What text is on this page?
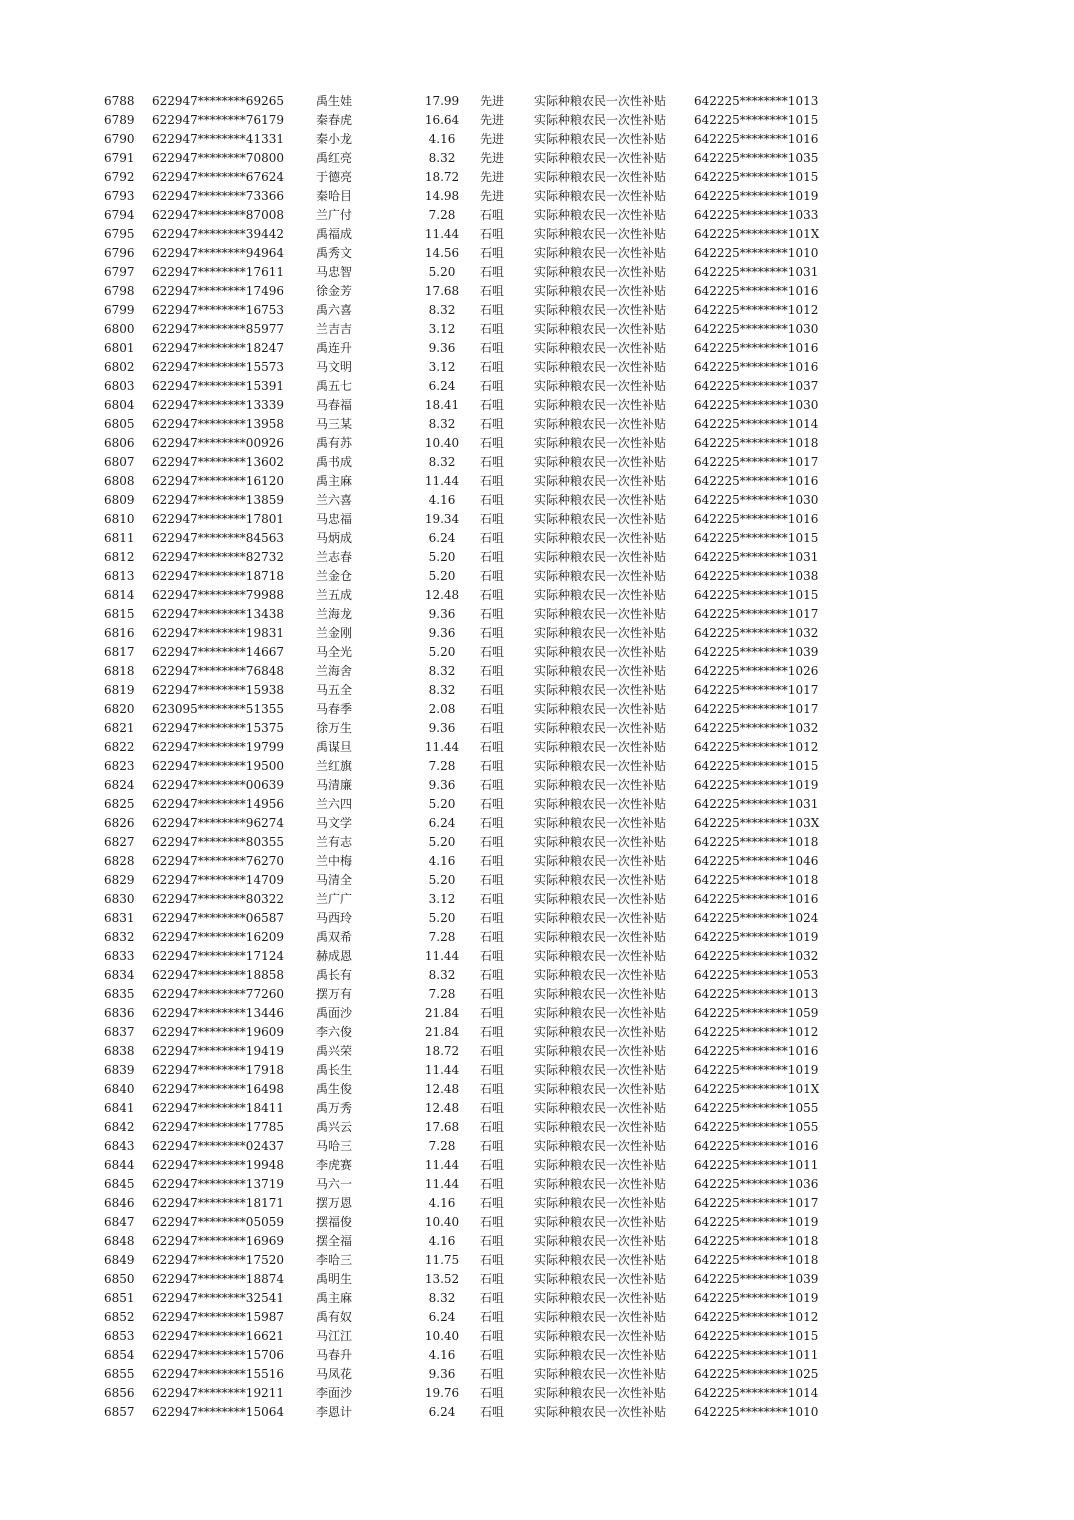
6788	622947********69265	禹生娃	17.99	先进	实际种粮农民一次性补贴	642225********1013
6789	622947********76179	秦春虎	16.64	先进	实际种粮农民一次性补贴	642225********1015
6790	622947********41331	秦小龙	4.16	先进	实际种粮农民一次性补贴	642225********1016
6791	622947********70800	禹红亮	8.32	先进	实际种粮农民一次性补贴	642225********1035
6792	622947********67624	于德亮	18.72	先进	实际种粮农民一次性补贴	642225********1015
6793	622947********73366	秦哈目	14.98	先进	实际种粮农民一次性补贴	642225********1019
6794	622947********87008	兰广付	7.28	石咀	实际种粮农民一次性补贴	642225********1033
6795	622947********39442	禹福成	11.44	石咀	实际种粮农民一次性补贴	642225********101X
6796	622947********94964	禹秀文	14.56	石咀	实际种粮农民一次性补贴	642225********1010
6797	622947********17611	马忠智	5.20	石咀	实际种粮农民一次性补贴	642225********1031
6798	622947********17496	徐金芳	17.68	石咀	实际种粮农民一次性补贴	642225********1016
6799	622947********16753	禹六喜	8.32	石咀	实际种粮农民一次性补贴	642225********1012
6800	622947********85977	兰吉吉	3.12	石咀	实际种粮农民一次性补贴	642225********1030
6801	622947********18247	禹连升	9.36	石咀	实际种粮农民一次性补贴	642225********1016
6802	622947********15573	马文明	3.12	石咀	实际种粮农民一次性补贴	642225********1016
6803	622947********15391	禹五七	6.24	石咀	实际种粮农民一次性补贴	642225********1037
6804	622947********13339	马春福	18.41	石咀	实际种粮农民一次性补贴	642225********1030
6805	622947********13958	马三某	8.32	石咀	实际种粮农民一次性补贴	642225********1014
6806	622947********00926	禹有苏	10.40	石咀	实际种粮农民一次性补贴	642225********1018
6807	622947********13602	禹书成	8.32	石咀	实际种粮农民一次性补贴	642225********1017
6808	622947********16120	禹主麻	11.44	石咀	实际种粮农民一次性补贴	642225********1016
6809	622947********13859	兰六喜	4.16	石咀	实际种粮农民一次性补贴	642225********1030
6810	622947********17801	马忠福	19.34	石咀	实际种粮农民一次性补贴	642225********1016
6811	622947********84563	马炳成	6.24	石咀	实际种粮农民一次性补贴	642225********1015
6812	622947********82732	兰志春	5.20	石咀	实际种粮农民一次性补贴	642225********1031
6813	622947********18718	兰金仓	5.20	石咀	实际种粮农民一次性补贴	642225********1038
6814	622947********79988	兰五成	12.48	石咀	实际种粮农民一次性补贴	642225********1015
6815	622947********13438	兰海龙	9.36	石咀	实际种粮农民一次性补贴	642225********1017
6816	622947********19831	兰金刚	9.36	石咀	实际种粮农民一次性补贴	642225********1032
6817	622947********14667	马全光	5.20	石咀	实际种粮农民一次性补贴	642225********1039
6818	622947********76848	兰海舍	8.32	石咀	实际种粮农民一次性补贴	642225********1026
6819	622947********15938	马五全	8.32	石咀	实际种粮农民一次性补贴	642225********1017
6820	623095********51355	马春季	2.08	石咀	实际种粮农民一次性补贴	642225********1017
6821	622947********15375	徐万生	9.36	石咀	实际种粮农民一次性补贴	642225********1032
6822	622947********19799	禹谋旦	11.44	石咀	实际种粮农民一次性补贴	642225********1012
6823	622947********19500	兰红旗	7.28	石咀	实际种粮农民一次性补贴	642225********1015
6824	622947********00639	马清廉	9.36	石咀	实际种粮农民一次性补贴	642225********1019
6825	622947********14956	兰六四	5.20	石咀	实际种粮农民一次性补贴	642225********1031
6826	622947********96274	马文学	6.24	石咀	实际种粮农民一次性补贴	642225********103X
6827	622947********80355	兰有志	5.20	石咀	实际种粮农民一次性补贴	642225********1018
6828	622947********76270	兰中梅	4.16	石咀	实际种粮农民一次性补贴	642225********1046
6829	622947********14709	马清全	5.20	石咀	实际种粮农民一次性补贴	642225********1018
6830	622947********80322	兰广广	3.12	石咀	实际种粮农民一次性补贴	642225********1016
6831	622947********06587	马西玲	5.20	石咀	实际种粮农民一次性补贴	642225********1024
6832	622947********16209	禹双希	7.28	石咀	实际种粮农民一次性补贴	642225********1019
6833	622947********17124	赫成恩	11.44	石咀	实际种粮农民一次性补贴	642225********1032
6834	622947********18858	禹长有	8.32	石咀	实际种粮农民一次性补贴	642225********1053
6835	622947********77260	摆万有	7.28	石咀	实际种粮农民一次性补贴	642225********1013
6836	622947********13446	禹面沙	21.84	石咀	实际种粮农民一次性补贴	642225********1059
6837	622947********19609	李六俊	21.84	石咀	实际种粮农民一次性补贴	642225********1012
6838	622947********19419	禹兴荣	18.72	石咀	实际种粮农民一次性补贴	642225********1016
6839	622947********17918	禹长生	11.44	石咀	实际种粮农民一次性补贴	642225********1019
6840	622947********16498	禹生俊	12.48	石咀	实际种粮农民一次性补贴	642225********101X
6841	622947********18411	禹万秀	12.48	石咀	实际种粮农民一次性补贴	642225********1055
6842	622947********17785	禹兴云	17.68	石咀	实际种粮农民一次性补贴	642225********1055
6843	622947********02437	马哈三	7.28	石咀	实际种粮农民一次性补贴	642225********1016
6844	622947********19948	李虎赛	11.44	石咀	实际种粮农民一次性补贴	642225********1011
6845	622947********13719	马六一	11.44	石咀	实际种粮农民一次性补贴	642225********1036
6846	622947********18171	摆万恩	4.16	石咀	实际种粮农民一次性补贴	642225********1017
6847	622947********05059	摆福俊	10.40	石咀	实际种粮农民一次性补贴	642225********1019
6848	622947********16969	摆全福	4.16	石咀	实际种粮农民一次性补贴	642225********1018
6849	622947********17520	李哈三	11.75	石咀	实际种粮农民一次性补贴	642225********1018
6850	622947********18874	禹明生	13.52	石咀	实际种粮农民一次性补贴	642225********1039
6851	622947********32541	禹主麻	8.32	石咀	实际种粮农民一次性补贴	642225********1019
6852	622947********15987	禹有奴	6.24	石咀	实际种粮农民一次性补贴	642225********1012
6853	622947********16621	马江江	10.40	石咀	实际种粮农民一次性补贴	642225********1015
6854	622947********15706	马春升	4.16	石咀	实际种粮农民一次性补贴	642225********1011
6855	622947********15516	马凤花	9.36	石咀	实际种粮农民一次性补贴	642225********1025
6856	622947********19211	李面沙	19.76	石咀	实际种粮农民一次性补贴	642225********1014
6857	622947********15064	李恩计	6.24	石咀	实际种粮农民一次性补贴	642225********1010
